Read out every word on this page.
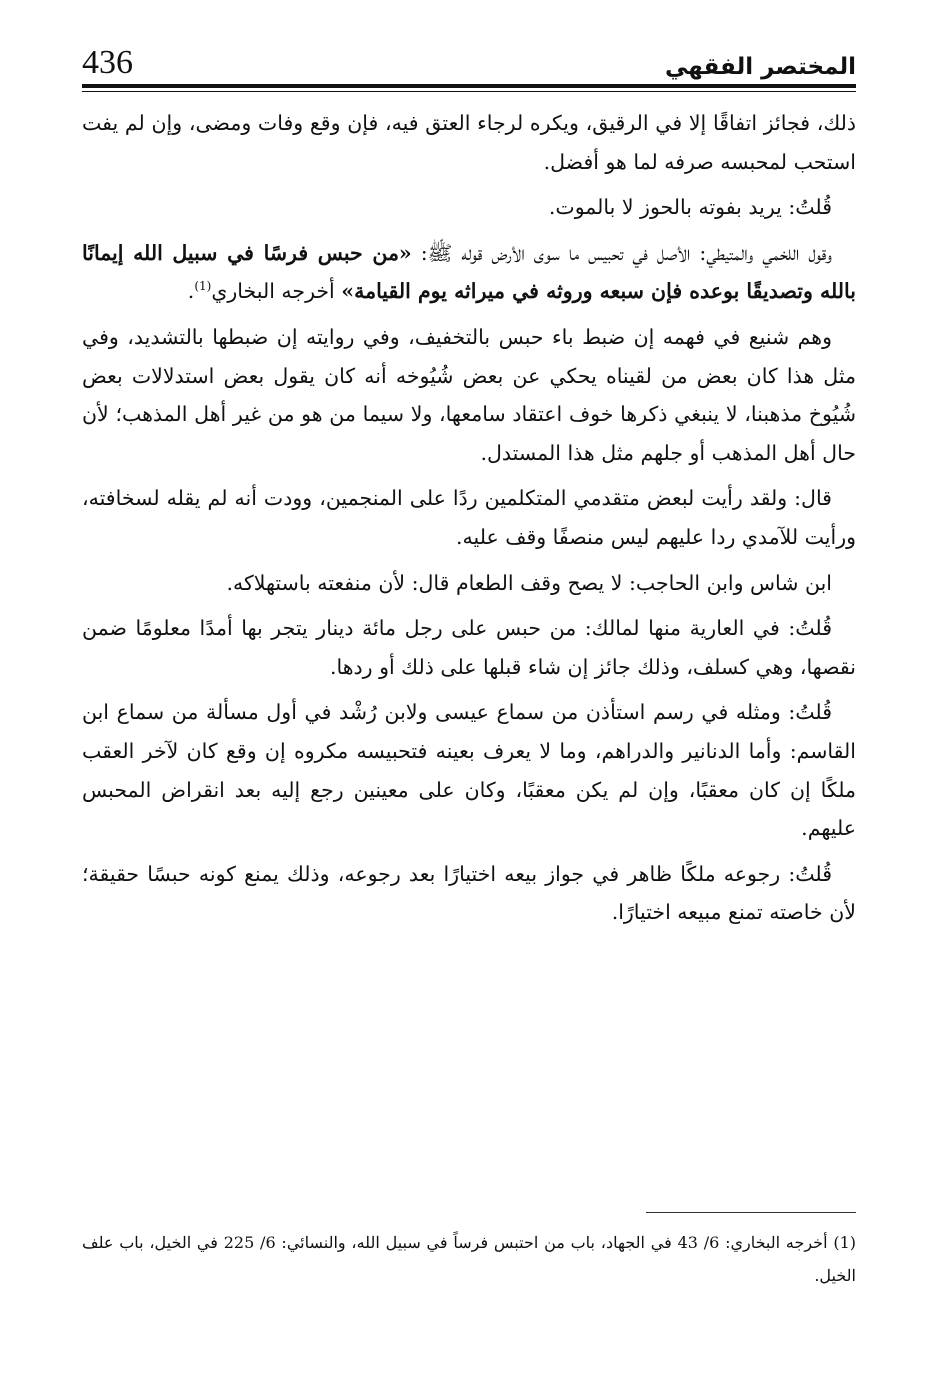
436	المختصر الفقهي

ذلك، فجائز اتفاقًا إلا في الرقيق، ويكره لرجاء العتق فيه، فإن وقع وفات ومضى، وإن لم يفت استحب لمحبسه صرفه لما هو أفضل.

قُلتُ: يريد بفوته بالحوز لا بالموت.

وقول اللخمي والمتيطي: الأصل في تحبيس ما سوى الأرض قوله ﷺ: «من حبس فرسًا في سبيل الله إيمانًا بالله وتصديقًا بوعده فإن سبعه وروثه في ميراثه يوم القيامة» أخرجه البخاري$^{(1)}$.

وهم شنيع في فهمه إن ضبط باء حبس بالتخفيف، وفي روايته إن ضبطها بالتشديد، وفي مثل هذا كان بعض من لقيناه يحكي عن بعض شُيُوخه أنه كان يقول بعض استدلالات بعض شُيُوخ مذهبنا، لا ينبغي ذكرها خوف اعتقاد سامعها، ولا سيما من هو من غير أهل المذهب؛ لأن حال أهل المذهب أو جلهم مثل هذا المستدل.

قال: ولقد رأيت لبعض متقدمي المتكلمين ردًا على المنجمين، وودت أنه لم يقله لسخافته، ورأيت للآمدي ردا عليهم ليس منصفًا وقف عليه.

ابن شاس وابن الحاجب: لا يصح وقف الطعام قال: لأن منفعته باستهلاكه.

قُلتُ: في العارية منها لمالك: من حبس على رجل مائة دينار يتجر بها أمدًا معلومًا ضمن نقصها، وهي كسلف، وذلك جائز إن شاء قبلها على ذلك أو ردها.

قُلتُ: ومثله في رسم استأذن من سماع عيسى ولابن رُشْد في أول مسألة من سماع ابن القاسم: وأما الدنانير والدراهم، وما لا يعرف بعينه فتحبيسه مكروه إن وقع كان لآخر العقب ملكًا إن كان معقبًا، وإن لم يكن معقبًا، وكان على معينين رجع إليه بعد انقراض المحبس عليهم.

قُلتُ: رجوعه ملكًا ظاهر في جواز بيعه اختيارًا بعد رجوعه، وذلك يمنع كونه حبسًا حقيقة؛ لأن خاصته تمنع مبيعه اختيارًا.

(1) أخرجه البخاري: 6/ 43 في الجهاد، باب من احتبس فرساً في سبيل الله، والنسائي: 6/ 225 في الخيل، باب علف الخيل.
